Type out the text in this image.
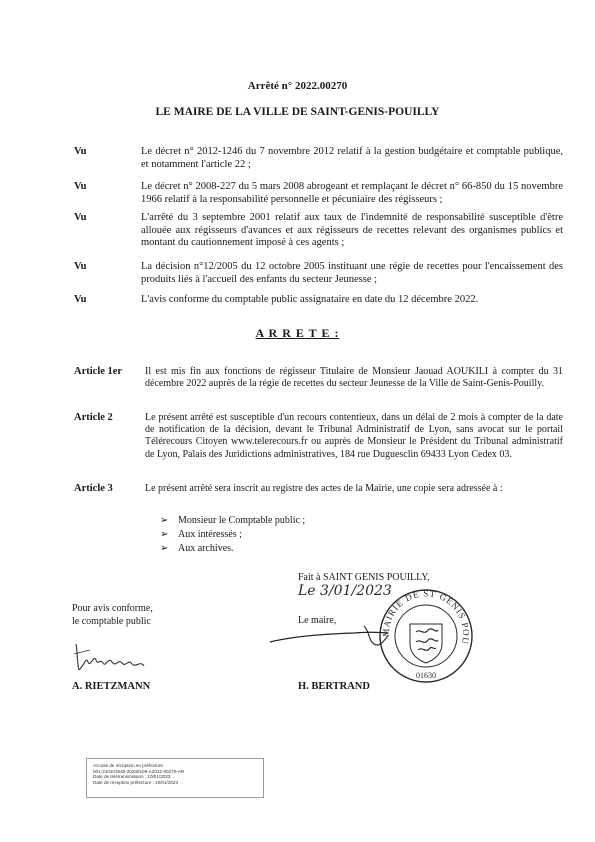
Arrêté n° 2022.00270
LE MAIRE DE LA VILLE DE SAINT-GENIS-POUILLY
Vu	Le décret n° 2012-1246 du 7 novembre 2012 relatif à la gestion budgétaire et comptable publique, et notamment l'article 22 ;
Vu	Le décret n° 2008-227 du 5 mars 2008 abrogeant et remplaçant le décret n° 66-850 du 15 novembre 1966 relatif à la responsabilité personnelle et pécuniaire des régisseurs ;
Vu	L'arrêté du 3 septembre 2001 relatif aux taux de l'indemnité de responsabilité susceptible d'être allouée aux régisseurs d'avances et aux régisseurs de recettes relevant des organismes publics et montant du cautionnement imposé à ces agents ;
Vu	La décision n°12/2005 du 12 octobre 2005 instituant une régie de recettes pour l'encaissement des produits liés à l'accueil des enfants du secteur Jeunesse ;
Vu	L'avis conforme du comptable public assignataire en date du 12 décembre 2022.
A R R E T E :
Article 1er Il est mis fin aux fonctions de régisseur Titulaire de Monsieur Jaouad AOUKILI à compter du 31 décembre 2022 auprès de la régie de recettes du secteur Jeunesse de la Ville de Saint-Genis-Pouilly.
Article 2	Le présent arrêté est susceptible d'un recours contentieux, dans un délai de 2 mois à compter de la date de notification de la décision, devant le Tribunal Administratif de Lyon, sans avocat sur le portail Télérecours Citoyen www.telerecours.fr ou auprès de Monsieur le Président du Tribunal administratif de Lyon, Palais des Juridictions administratives, 184 rue Duguesclin 69433 Lyon Cedex 03.
Article 3	Le présent arrêté sera inscrit au registre des actes de la Mairie, une copie sera adressée à :
➢ Monsieur le Comptable public ;
➢ Aux intéressés ;
➢ Aux archives.
Fait à SAINT GENIS POUILLY,
Le 3/01/2023
Pour avis conforme,
le comptable public
A. RIETZMANN
Le maire,
H. BERTRAND
MAIRIE DE ST GENIS POU
01630
Accusé de réception en préfecture
001-210103545-20230109-A2022-00270-AR
Date de télétransmission : 10/01/2023
Date de réception préfecture : 10/01/2023
